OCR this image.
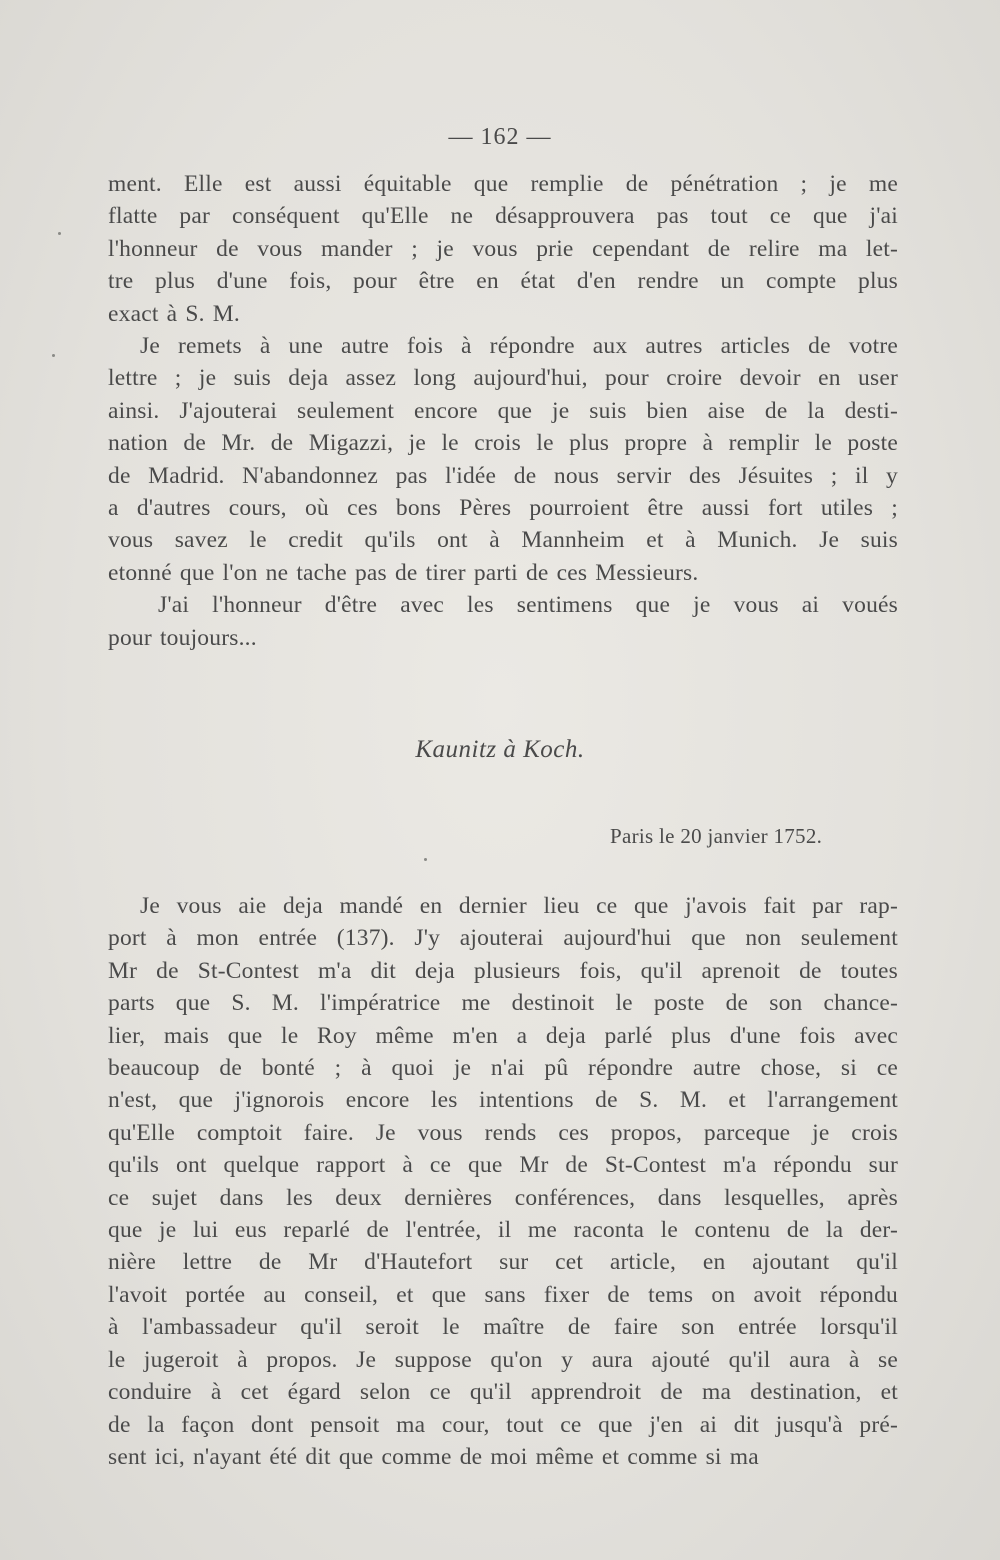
— 162 —

ment. Elle est aussi équitable que remplie de pénétration ; je me
flatte par conséquent qu'Elle ne désapprouvera pas tout ce que j'ai
l'honneur de vous mander ; je vous prie cependant de relire ma let-
tre plus d'une fois, pour être en état d'en rendre un compte plus
exact à S. M.

Je remets à une autre fois à répondre aux autres articles de votre
lettre ; je suis deja assez long aujourd'hui, pour croire devoir en user
ainsi. J'ajouterai seulement encore que je suis bien aise de la desti-
nation de Mr. de Migazzi, je le crois le plus propre à remplir le poste
de Madrid. N'abandonnez pas l'idée de nous servir des Jésuites ; il y
a d'autres cours, où ces bons Pères pourroient être aussi fort utiles ;
vous savez le credit qu'ils ont à Mannheim et à Munich. Je suis
etonné que l'on ne tache pas de tirer parti de ces Messieurs.

J'ai l'honneur d'être avec les sentimens que je vous ai voués
pour toujours...

Kaunitz à Koch.
Paris le 20 janvier 1752.

Je vous aie deja mandé en dernier lieu ce que j'avois fait par rap-
port à mon entrée (137). J'y ajouterai aujourd'hui que non seulement
Mr de St-Contest m'a dit deja plusieurs fois, qu'il aprenoit de toutes
parts que S. M. l'impératrice me destinoit le poste de son chance-
lier, mais que le Roy même m'en a deja parlé plus d'une fois avec
beaucoup de bonté ; à quoi je n'ai pû répondre autre chose, si ce
n'est, que j'ignorois encore les intentions de S. M. et l'arrangement
qu'Elle comptoit faire. Je vous rends ces propos, parceque je crois
qu'ils ont quelque rapport à ce que Mr de St-Contest m'a répondu sur
ce sujet dans les deux dernières conférences, dans lesquelles, après
que je lui eus reparlé de l'entrée, il me raconta le contenu de la der-
nière lettre de Mr d'Hautefort sur cet article, en ajoutant qu'il
l'avoit portée au conseil, et que sans fixer de tems on avoit répondu
à l'ambassadeur qu'il seroit le maître de faire son entrée lorsqu'il
le jugeroit à propos. Je suppose qu'on y aura ajouté qu'il aura à se
conduire à cet égard selon ce qu'il apprendroit de ma destination, et
de la façon dont pensoit ma cour, tout ce que j'en ai dit jusqu'à pré-
sent ici, n'ayant été dit que comme de moi même et comme si ma
